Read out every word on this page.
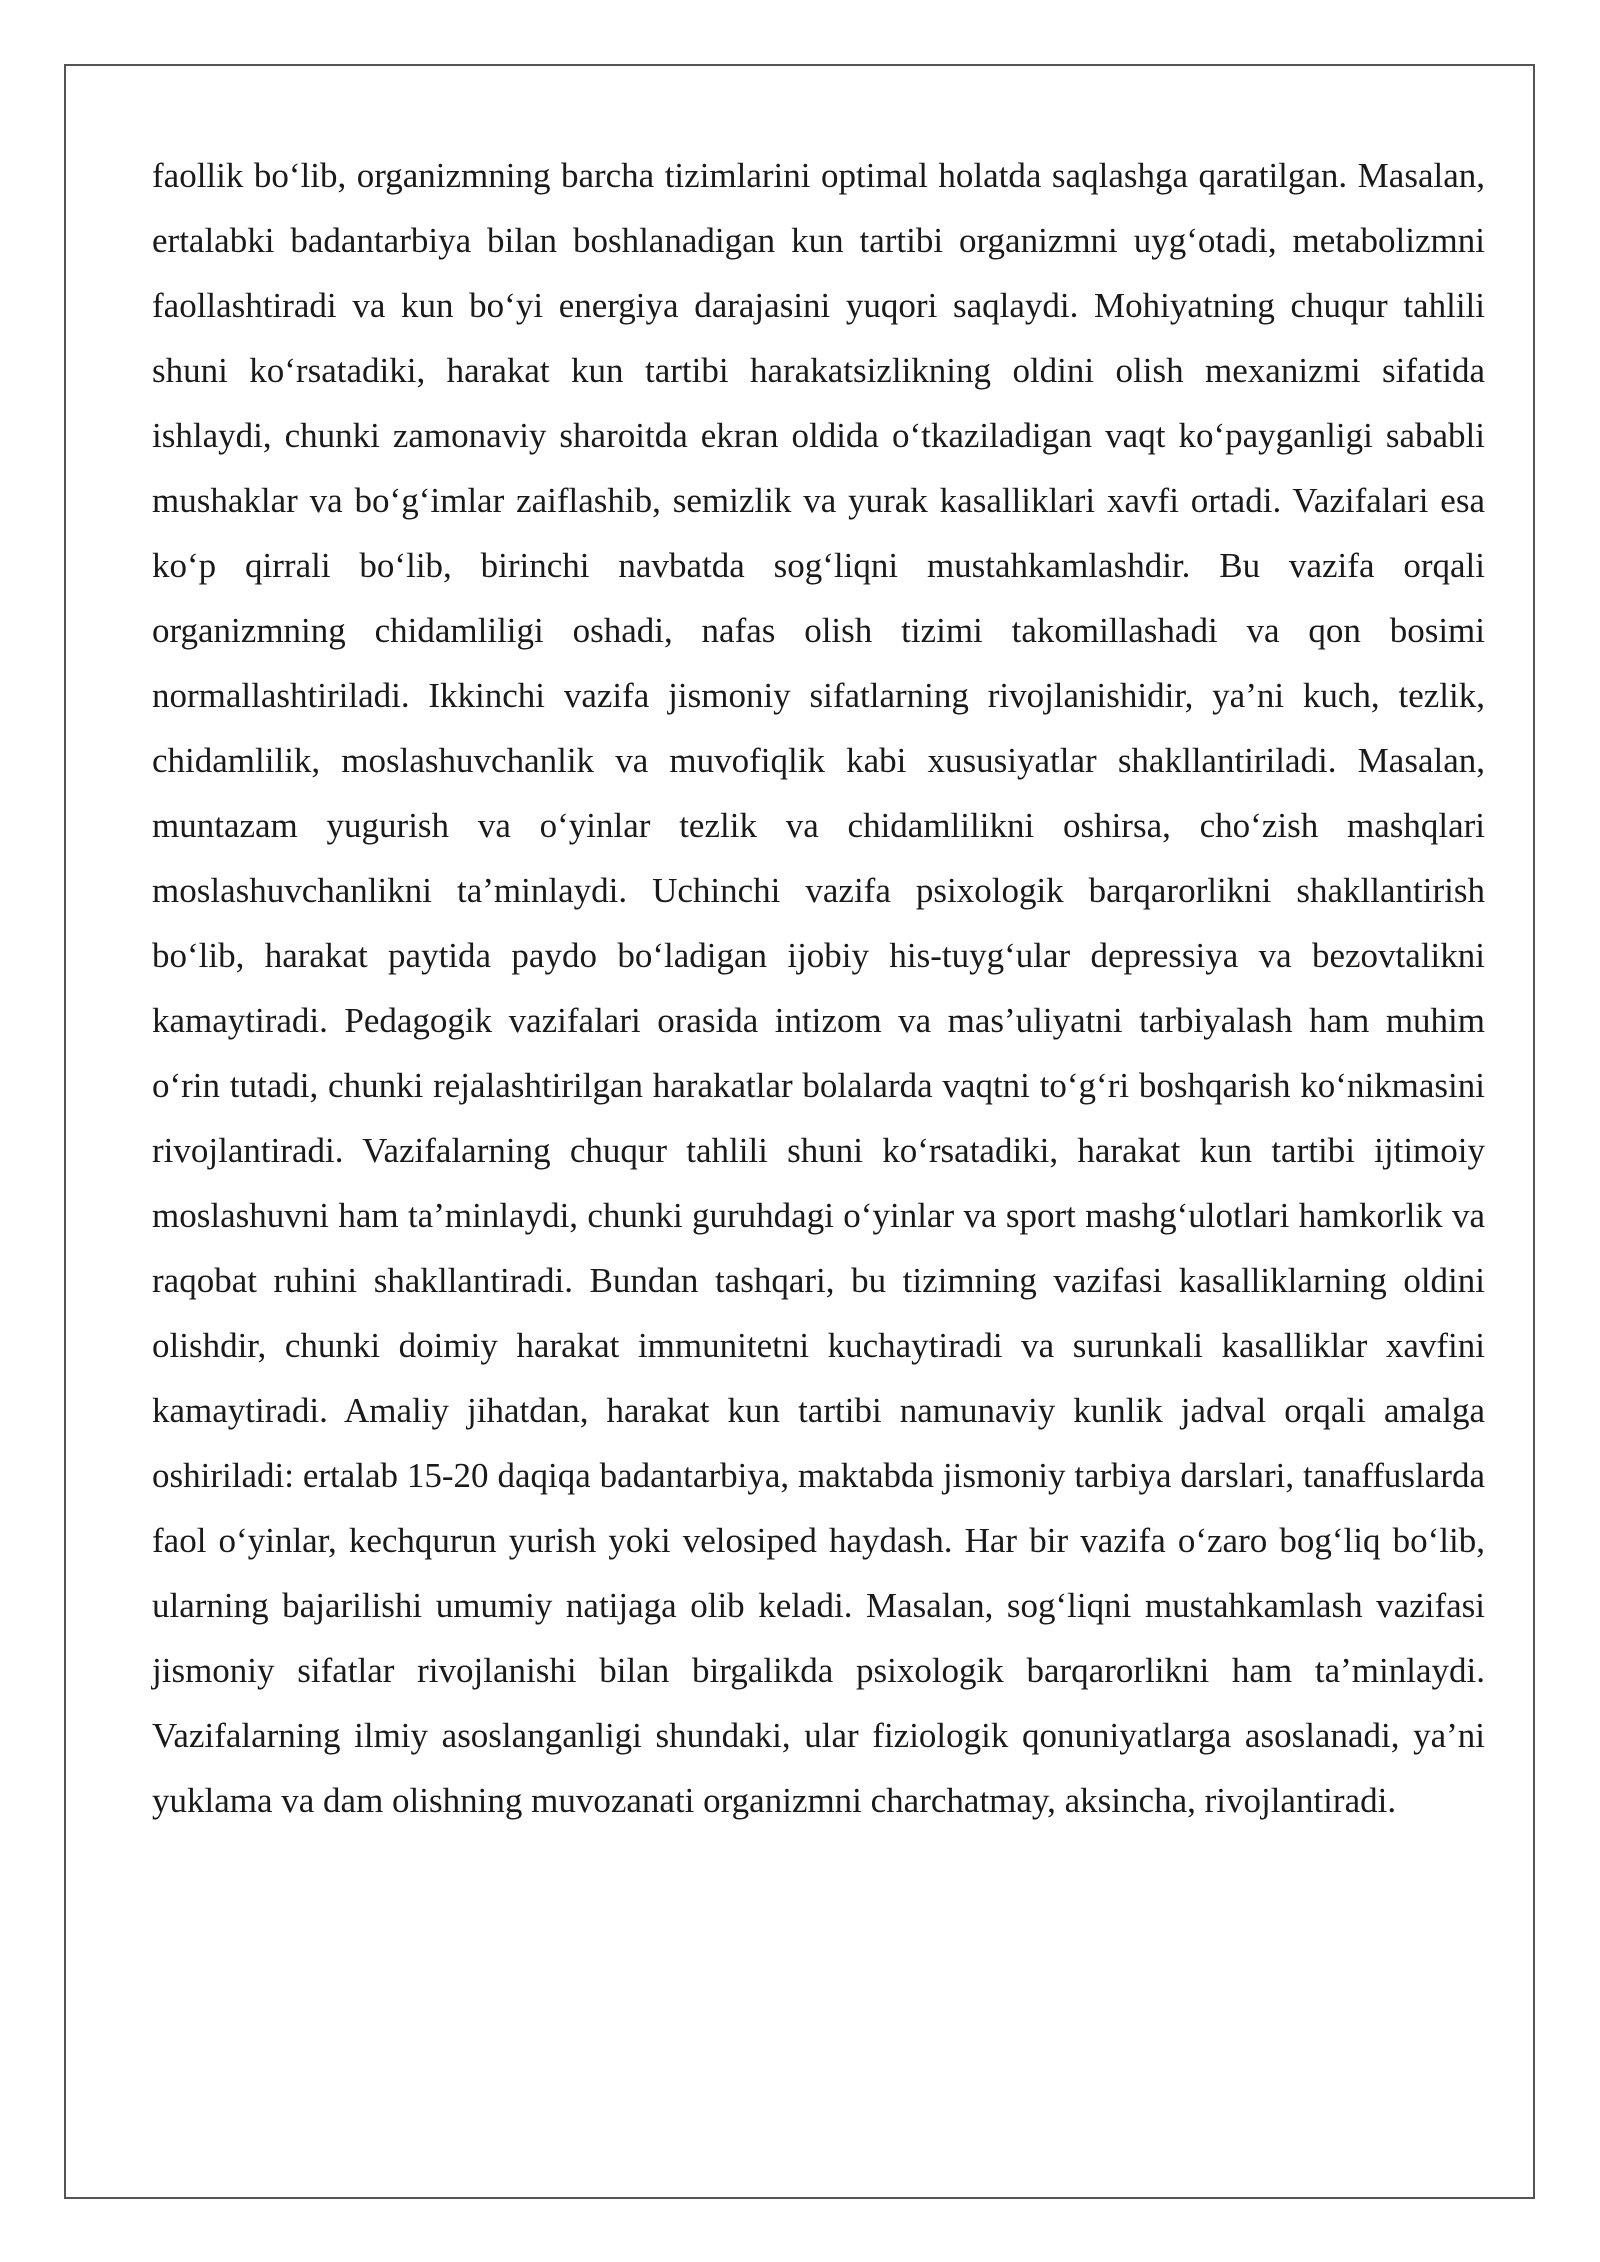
faollik bo‘lib, organizmning barcha tizimlarini optimal holatda saqlashga qaratilgan. Masalan, ertalabki badantarbiya bilan boshlanadigan kun tartibi organizmni uyg‘otadi, metabolizmni faollashtiradi va kun bo‘yi energiya darajasini yuqori saqlaydi. Mohiyatning chuqur tahlili shuni ko‘rsatadiki, harakat kun tartibi harakatsizlikning oldini olish mexanizmi sifatida ishlaydi, chunki zamonaviy sharoitda ekran oldida o‘tkaziladigan vaqt ko‘payganligi sababli mushaklar va bo‘g‘imlar zaiflashib, semizlik va yurak kasalliklari xavfi ortadi. Vazifalari esa ko‘p qirrali bo‘lib, birinchi navbatda sog‘liqni mustahkamlashdir. Bu vazifa orqali organizmning chidamliligi oshadi, nafas olish tizimi takomillashadi va qon bosimi normallashtiriladi. Ikkinchi vazifa jismoniy sifatlarning rivojlanishidir, ya’ni kuch, tezlik, chidamlilik, moslashuvchanlik va muvofiqlik kabi xususiyatlar shakllantiriladi. Masalan, muntazam yugurish va o‘yinlar tezlik va chidamlilikni oshirsa, cho‘zish mashqlari moslashuvchanlikni ta’minlaydi. Uchinchi vazifa psixologik barqarorlikni shakllantirish bo‘lib, harakat paytida paydo bo‘ladigan ijobiy his-tuyg‘ular depressiya va bezovtalikni kamaytiradi. Pedagogik vazifalari orasida intizom va mas’uliyatni tarbiyalash ham muhim o‘rin tutadi, chunki rejalashtirilgan harakatlar bolalarda vaqtni to‘g‘ri boshqarish ko‘nikmasini rivojlantiradi. Vazifalarning chuqur tahlili shuni ko‘rsatadiki, harakat kun tartibi ijtimoiy moslashuvni ham ta’minlaydi, chunki guruhdagi o‘yinlar va sport mashg‘ulotlari hamkorlik va raqobat ruhini shakllantiradi. Bundan tashqari, bu tizimning vazifasi kasalliklarning oldini olishdir, chunki doimiy harakat immunitetni kuchaytiradi va surunkali kasalliklar xavfini kamaytiradi. Amaliy jihatdan, harakat kun tartibi namunaviy kunlik jadval orqali amalga oshiriladi: ertalab 15-20 daqiqa badantarbiya, maktabda jismoniy tarbiya darslari, tanaffuslarda faol o‘yinlar, kechqurun yurish yoki velosiped haydash. Har bir vazifa o‘zaro bog‘liq bo‘lib, ularning bajarilishi umumiy natijaga olib keladi. Masalan, sog‘liqni mustahkamlash vazifasi jismoniy sifatlar rivojlanishi bilan birgalikda psixologik barqarorlikni ham ta’minlaydi. Vazifalarning ilmiy asoslanganligi shundaki, ular fiziologik qonuniyatlarga asoslanadi, ya’ni yuklama va dam olishning muvozanati organizmni charchatmay, aksincha, rivojlantiradi.
